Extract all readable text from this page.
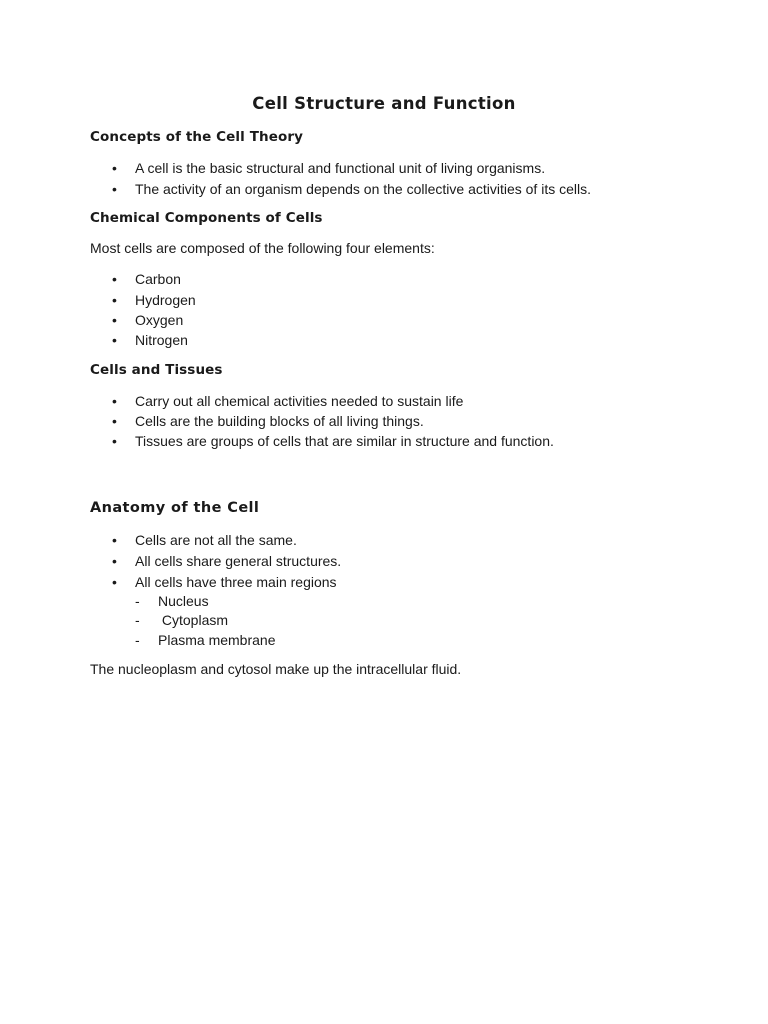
Cell Structure and Function
Concepts of the Cell Theory
• A cell is the basic structural and functional unit of living organisms.
• The activity of an organism depends on the collective activities of its cells.
Chemical Components of Cells
Most cells are composed of the following four elements:
• Carbon
• Hydrogen
• Oxygen
• Nitrogen
Cells and Tissues
• Carry out all chemical activities needed to sustain life
• Cells are the building blocks of all living things.
• Tissues are groups of cells that are similar in structure and function.
Anatomy of the Cell
• Cells are not all the same.
• All cells share general structures.
• All cells have three main regions
- Nucleus
- Cytoplasm
- Plasma membrane
The nucleoplasm and cytosol make up the intracellular fluid.
